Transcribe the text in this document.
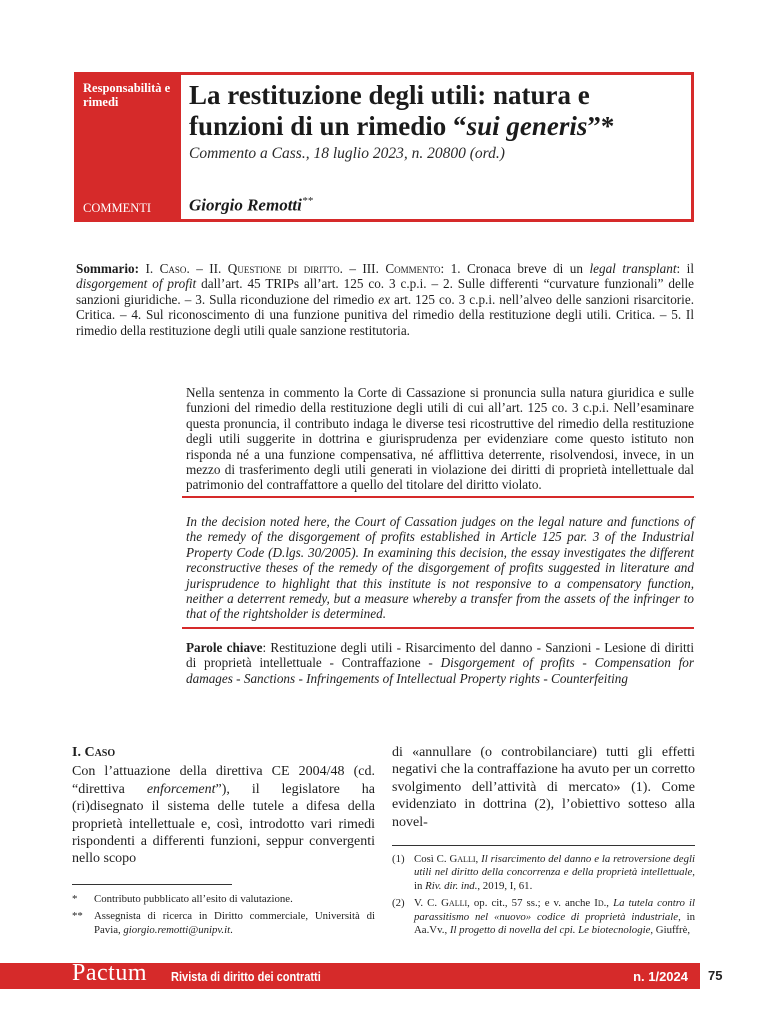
Responsabilità e rimedi
COMMENTI
La restituzione degli utili: natura e funzioni di un rimedio “sui generis”*
Commento a Cass., 18 luglio 2023, n. 20800 (ord.)
Giorgio Remotti**
Sommario: I. Caso. – II. Questione di diritto. – III. Commento: 1. Cronaca breve di un legal transplant: il disgorgement of profit dall’art. 45 TRIPs all’art. 125 co. 3 c.p.i. – 2. Sulle differenti “curvature funzionali” delle sanzioni giuridiche. – 3. Sulla riconduzione del rimedio ex art. 125 co. 3 c.p.i. nell’alveo delle sanzioni risarcitorie. Critica. – 4. Sul riconoscimento di una funzione punitiva del rimedio della restituzione degli utili. Critica. – 5. Il rimedio della restituzione degli utili quale sanzione restitutoria.
Nella sentenza in commento la Corte di Cassazione si pronuncia sulla natura giuridica e sulle funzioni del rimedio della restituzione degli utili di cui all’art. 125 co. 3 c.p.i. Nell’esaminare questa pronuncia, il contributo indaga le diverse tesi ricostruttive del rimedio della restituzione degli utili suggerite in dottrina e giurisprudenza per evidenziare come questo istituto non risponda né a una funzione compensativa, né afflittiva deterrente, risolvendosi, invece, in un mezzo di trasferimento degli utili generati in violazione dei diritti di proprietà intellettuale dal patrimonio del contraffattore a quello del titolare del diritto violato.
In the decision noted here, the Court of Cassation judges on the legal nature and functions of the remedy of the disgorgement of profits established in Article 125 par. 3 of the Industrial Property Code (D.lgs. 30/2005). In examining this decision, the essay investigates the different reconstructive theses of the remedy of the disgorgement of profits suggested in literature and jurisprudence to highlight that this institute is not responsive to a compensatory function, neither a deterrent remedy, but a measure whereby a transfer from the assets of the infringer to that of the rightsholder is determined.
Parole chiave: Restituzione degli utili - Risarcimento del danno - Sanzioni - Lesione di diritti di proprietà intellettuale - Contraffazione - Disgorgement of profits - Compensation for damages - Sanctions - Infringements of Intellectual Property rights - Counterfeiting
I. Caso
Con l’attuazione della direttiva CE 2004/48 (cd. “direttiva enforcement”), il legislatore ha (ri)disegnato il sistema delle tutele a difesa della proprietà intellettuale e, così, introdotto vari rimedi rispondenti a differenti funzioni, seppur convergenti nello scopo
di «annullare (o controbilanciare) tutti gli effetti negativi che la contraffazione ha avuto per un corretto svolgimento dell’attività di mercato» (1). Come evidenziato in dottrina (2), l’obiettivo sotteso alla novel-
*	Contributo pubblicato all’esito di valutazione.
**	Assegnista di ricerca in Diritto commerciale, Università di Pavia, giorgio.remotti@unipv.it.
(1) Così C. Galli, Il risarcimento del danno e la retroversione degli utili nel diritto della concorrenza e della proprietà intellettuale, in Riv. dir. ind., 2019, I, 61.
(2) V. C. Galli, op. cit., 57 ss.; e v. anche Id., La tutela contro il parassitismo nel «nuovo» codice di proprietà industriale, in Aa.Vv., Il progetto di novella del cpi. Le biotecnologie, Giuffrè,
Pactum Rivista di diritto dei contratti	n. 1/2024 75
